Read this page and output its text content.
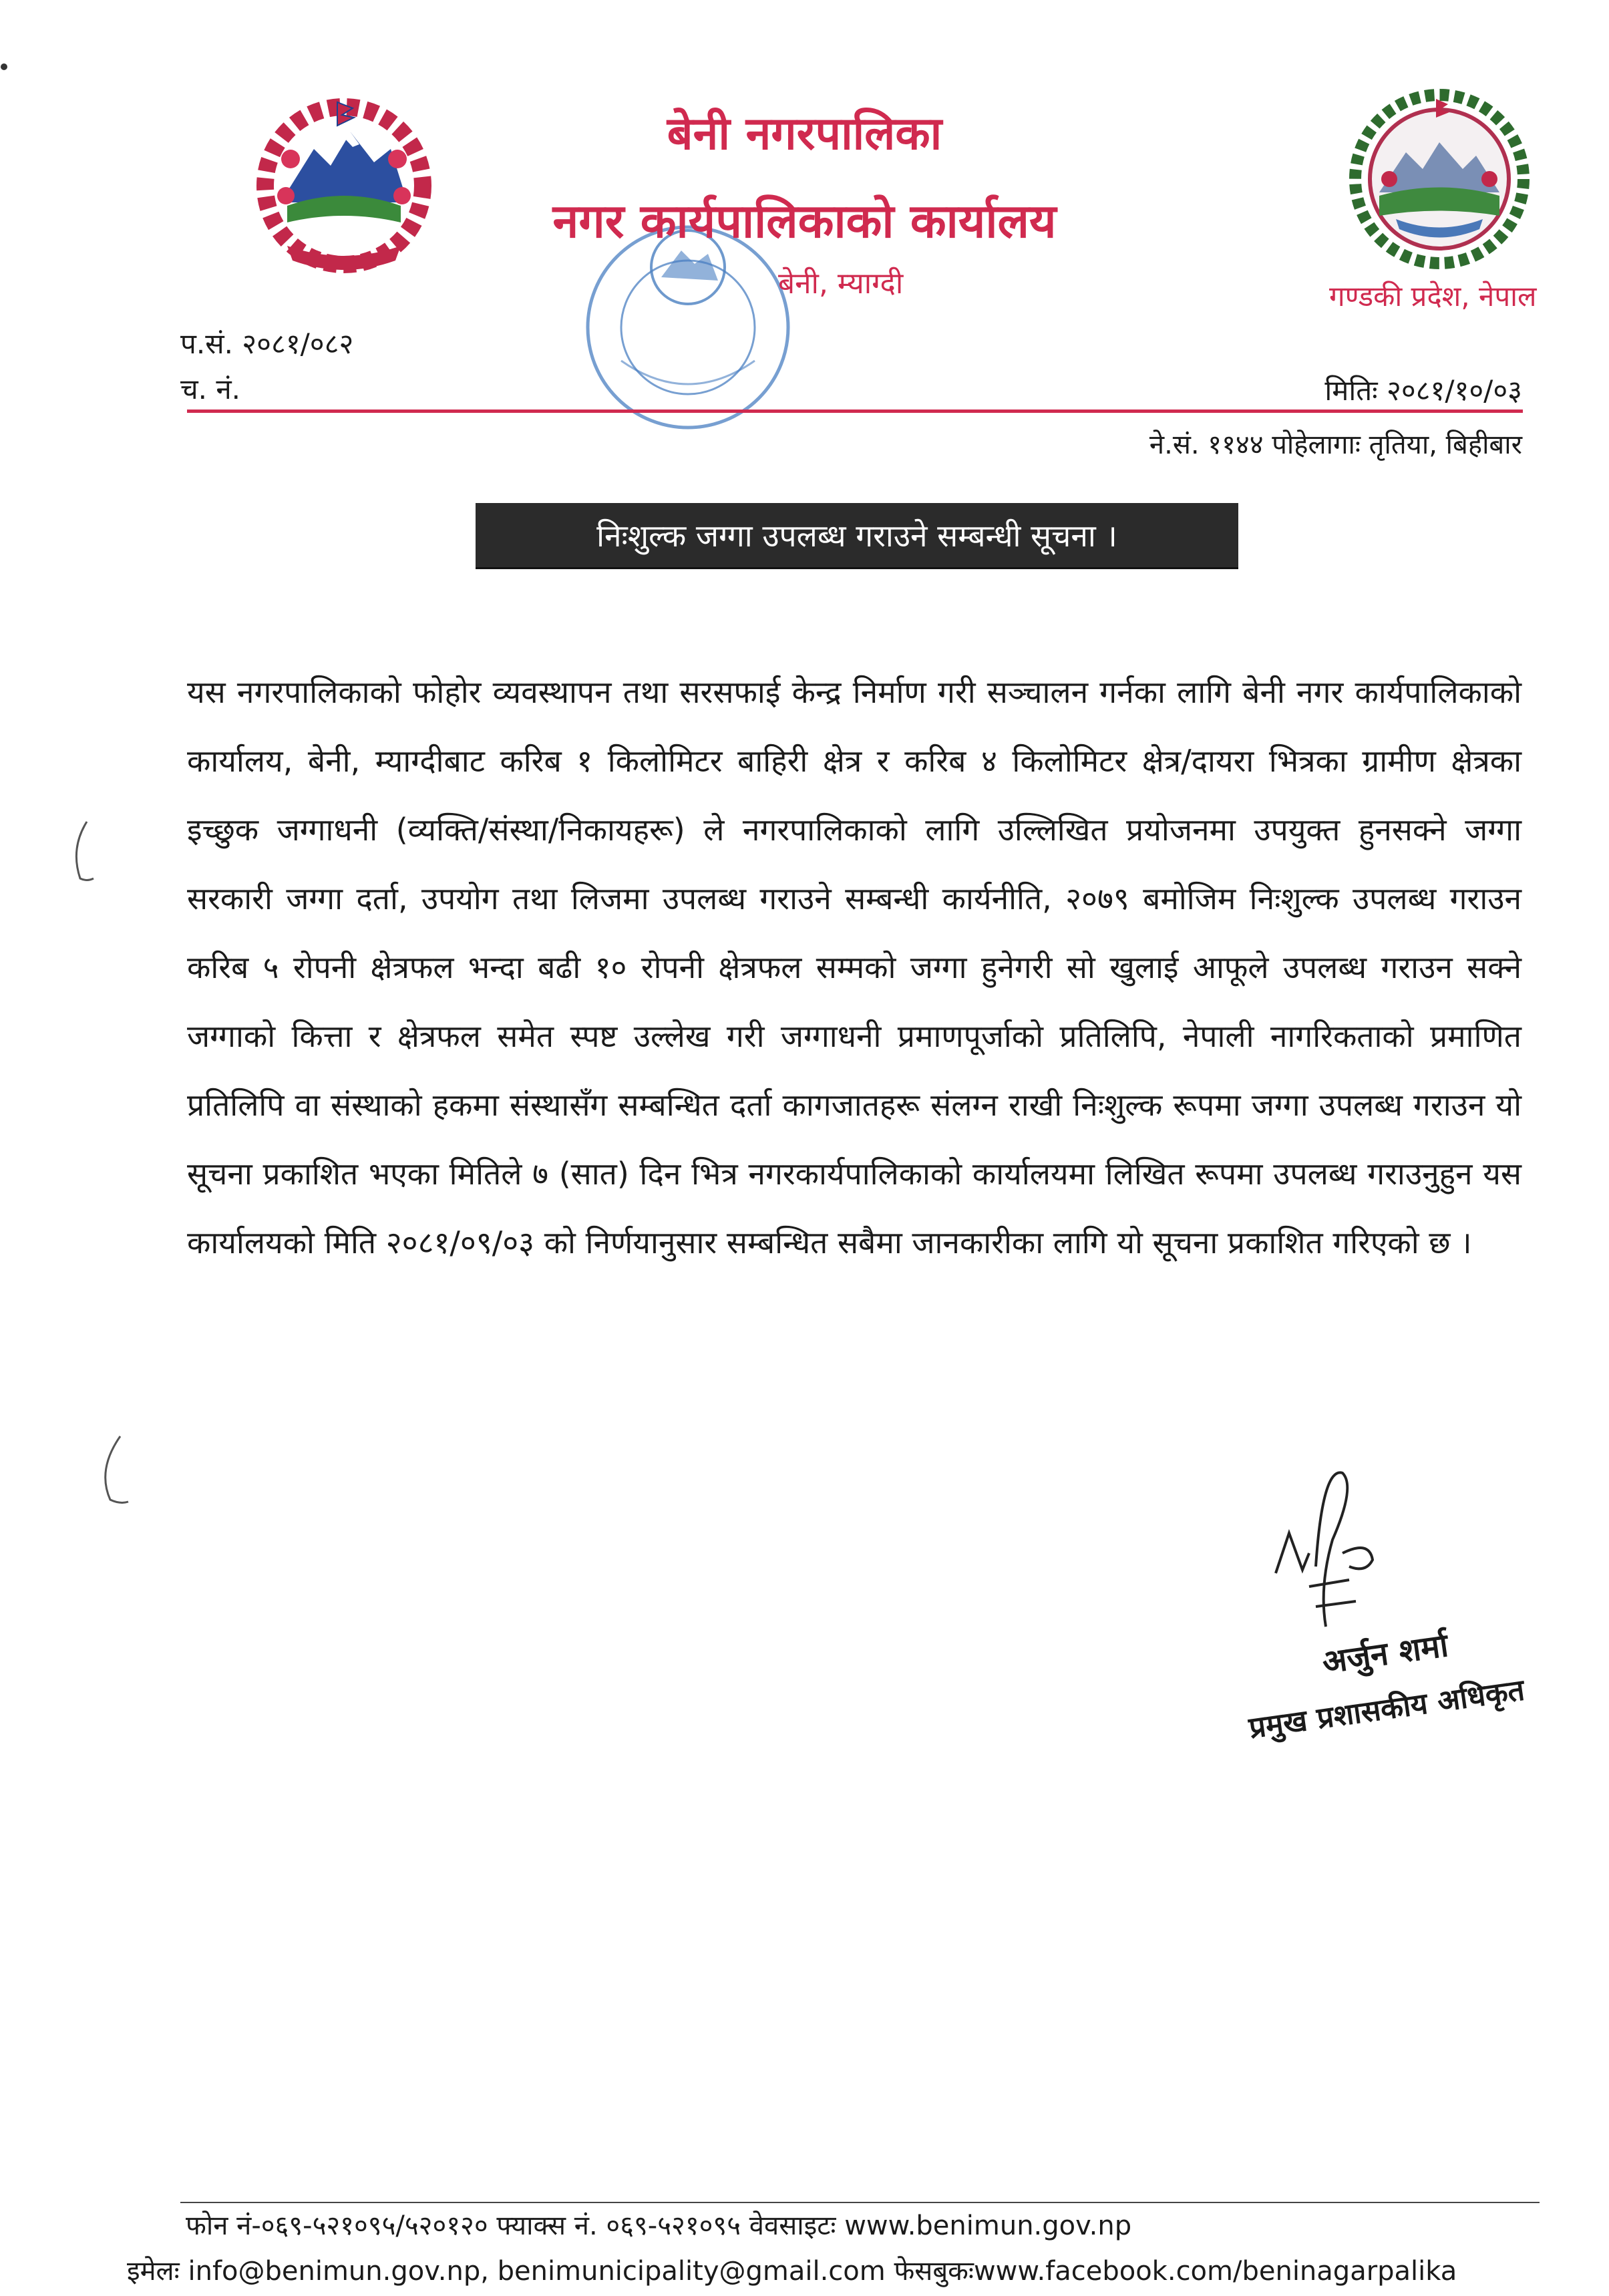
बेनी नगरपालिका
नगर कार्यपालिकाको कार्यालय
बेनी, म्याग्दी	गण्डकी प्रदेश, नेपाल
प.सं. २०८१/०८२
च. नं.	मितिः २०८१/१०/०३
ने.सं. ११४४ पोहेलागाः तृतिया, बिहीबार
निःशुल्क जग्गा उपलब्ध गराउने सम्बन्धी सूचना ।
यस नगरपालिकाको फोहोर व्यवस्थापन तथा सरसफाई केन्द्र निर्माण गरी सञ्चालन गर्नका लागि बेनी नगर कार्यपालिकाको कार्यालय, बेनी, म्याग्दीबाट करिब १ किलोमिटर बाहिरी क्षेत्र र करिब ४ किलोमिटर क्षेत्र/दायरा भित्रका ग्रामीण क्षेत्रका इच्छुक जग्गाधनी (व्यक्ति/संस्था/निकायहरू) ले नगरपालिकाको लागि उल्लिखित प्रयोजनमा उपयुक्त हुनसक्ने जग्गा सरकारी जग्गा दर्ता, उपयोग तथा लिजमा उपलब्ध गराउने सम्बन्धी कार्यनीति, २०७९ बमोजिम निःशुल्क उपलब्ध गराउन करिब ५ रोपनी क्षेत्रफल भन्दा बढी १० रोपनी क्षेत्रफल सम्मको जग्गा हुनेगरी सो खुलाई आफूले उपलब्ध गराउन सक्ने जग्गाको कित्ता र क्षेत्रफल समेत स्पष्ट उल्लेख गरी जग्गाधनी प्रमाणपूर्जाको प्रतिलिपि, नेपाली नागरिकताको प्रमाणित प्रतिलिपि वा संस्थाको हकमा संस्थासँग सम्बन्धित दर्ता कागजातहरू संलग्न राखी निःशुल्क रूपमा जग्गा उपलब्ध गराउन यो सूचना प्रकाशित भएका मितिले ७ (सात) दिन भित्र नगरकार्यपालिकाको कार्यालयमा लिखित रूपमा उपलब्ध गराउनुहुन यस कार्यालयको मिति २०८१/०९/०३ को निर्णयानुसार सम्बन्धित सबैमा जानकारीका लागि यो सूचना प्रकाशित गरिएको छ ।
अर्जुन शर्मा
प्रमुख प्रशासकीय अधिकृत
फोन नं-०६९-५२१०९५/५२०१२० फ्याक्स नं. ०६९-५२१०९५ वेवसाइटः www.benimun.gov.np
इमेलः info@benimun.gov.np, benimunicipality@gmail.com फेसबुकःwww.facebook.com/beninagarpalika
